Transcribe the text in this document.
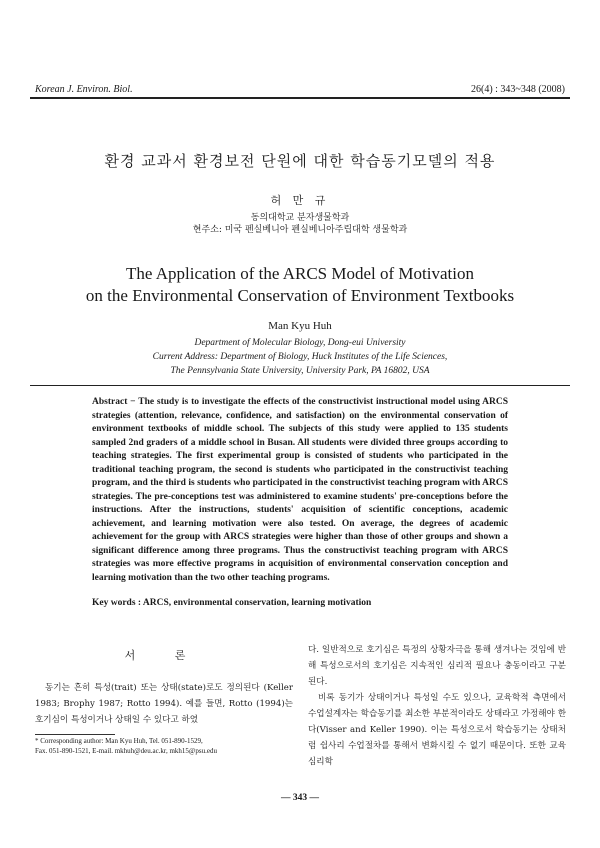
Korean J. Environ. Biol.	26(4) : 343~348 (2008)
환경 교과서 환경보전 단원에 대한 학습동기모델의 적용
허 만 규
동의대학교 분자생물학과
현주소: 미국 펜실베니아 펜실베니아주립대학 생물학과
The Application of the ARCS Model of Motivation
on the Environmental Conservation of Environment Textbooks
Man Kyu Huh
Department of Molecular Biology, Dong-eui University
Current Address: Department of Biology, Huck Institutes of the Life Sciences,
The Pennsylvania State University, University Park, PA 16802, USA
Abstract − The study is to investigate the effects of the constructivist instructional model using ARCS strategies (attention, relevance, confidence, and satisfaction) on the environmental conservation of environment textbooks of middle school. The subjects of this study were applied to 135 students sampled 2nd graders of a middle school in Busan. All students were divided three groups according to teaching strategies. The first experimental group is consisted of students who participated in the traditional teaching program, the second is students who participated in the constructivist teaching program, and the third is students who participated in the constructivist teaching program with ARCS strategies. The pre-conceptions test was administered to examine students' pre-conceptions before the instructions. After the instructions, students' acquisition of scientific conceptions, academic achievement, and learning motivation were also tested. On average, the degrees of academic achievement for the group with ARCS strategies were higher than those of other groups and shown a significant difference among three programs. Thus the constructivist teaching program with ARCS strategies was more effective programs in acquisition of environmental conservation conception and learning motivation than the two other teaching programs.
Key words : ARCS, environmental conservation, learning motivation
서 론

동기는 흔히 특성(trait) 또는 상태(state)로도 정의된다 (Keller 1983; Brophy 1987; Rotto 1994). 예를 들면, Rotto (1994)는 호기심이 특성이거나 상태일 수 있다고 하였

다. 일반적으로 호기심은 특정의 상황자극을 통해 생겨나는 것임에 반해 특성으로서의 호기심은 지속적인 심리적 필요나 충동이라고 구분된다.

비록 동기가 상태이거나 특성일 수도 있으나, 교육학적 측면에서 수업설계자는 학습동기를 최소한 부분적이라도 상태라고 가정해야 한다(Visser and Keller 1990). 이는 특성으로서 학습동기는 상태처럼 쉽사리 수업절차를 통해서 변화시킬 수 없기 때문이다. 또한 교육심리학

* Corresponding author: Man Kyu Huh, Tel. 051-890-1529,
Fax. 051-890-1521, E-mail. mkhuh@deu.ac.kr, mkh15@psu.edu
— 343 —
